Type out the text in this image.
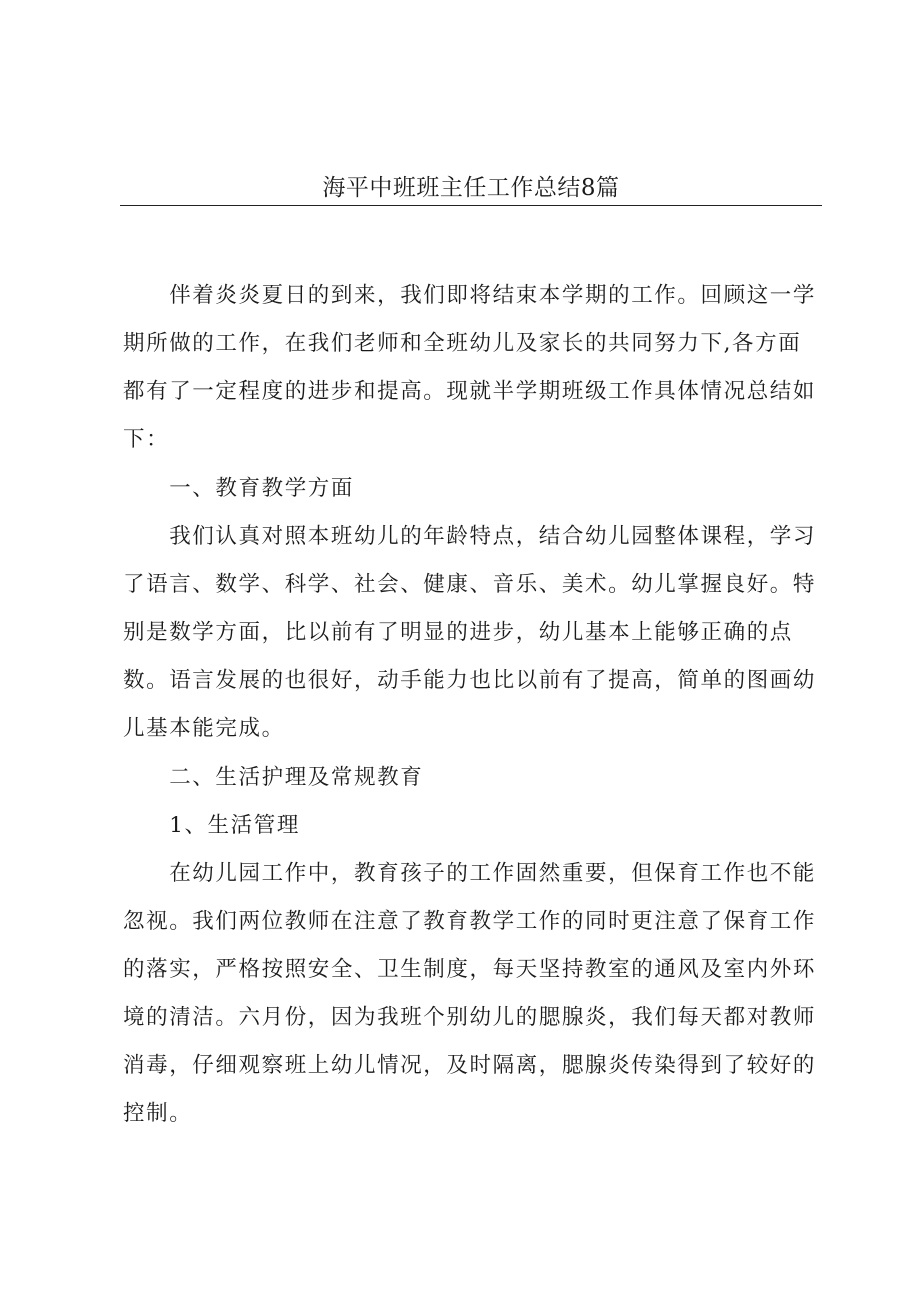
海平中班班主任工作总结8篇
　　伴着炎炎夏日的到来，我们即将结束本学期的工作。回顾这一学
期所做的工作，在我们老师和全班幼儿及家长的共同努力下,各方面
都有了一定程度的进步和提高。现就半学期班级工作具体情况总结如
下：
　　一、教育教学方面
　　我们认真对照本班幼儿的年龄特点，结合幼儿园整体课程，学习
了语言、数学、科学、社会、健康、音乐、美术。幼儿掌握良好。特
别是数学方面，比以前有了明显的进步，幼儿基本上能够正确的点
数。语言发展的也很好，动手能力也比以前有了提高，简单的图画幼
儿基本能完成。
　　二、生活护理及常规教育
　　1、生活管理
　　在幼儿园工作中，教育孩子的工作固然重要，但保育工作也不能
忽视。我们两位教师在注意了教育教学工作的同时更注意了保育工作
的落实，严格按照安全、卫生制度，每天坚持教室的通风及室内外环
境的清洁。六月份，因为我班个别幼儿的腮腺炎，我们每天都对教师
消毒，仔细观察班上幼儿情况，及时隔离，腮腺炎传染得到了较好的
控制。
